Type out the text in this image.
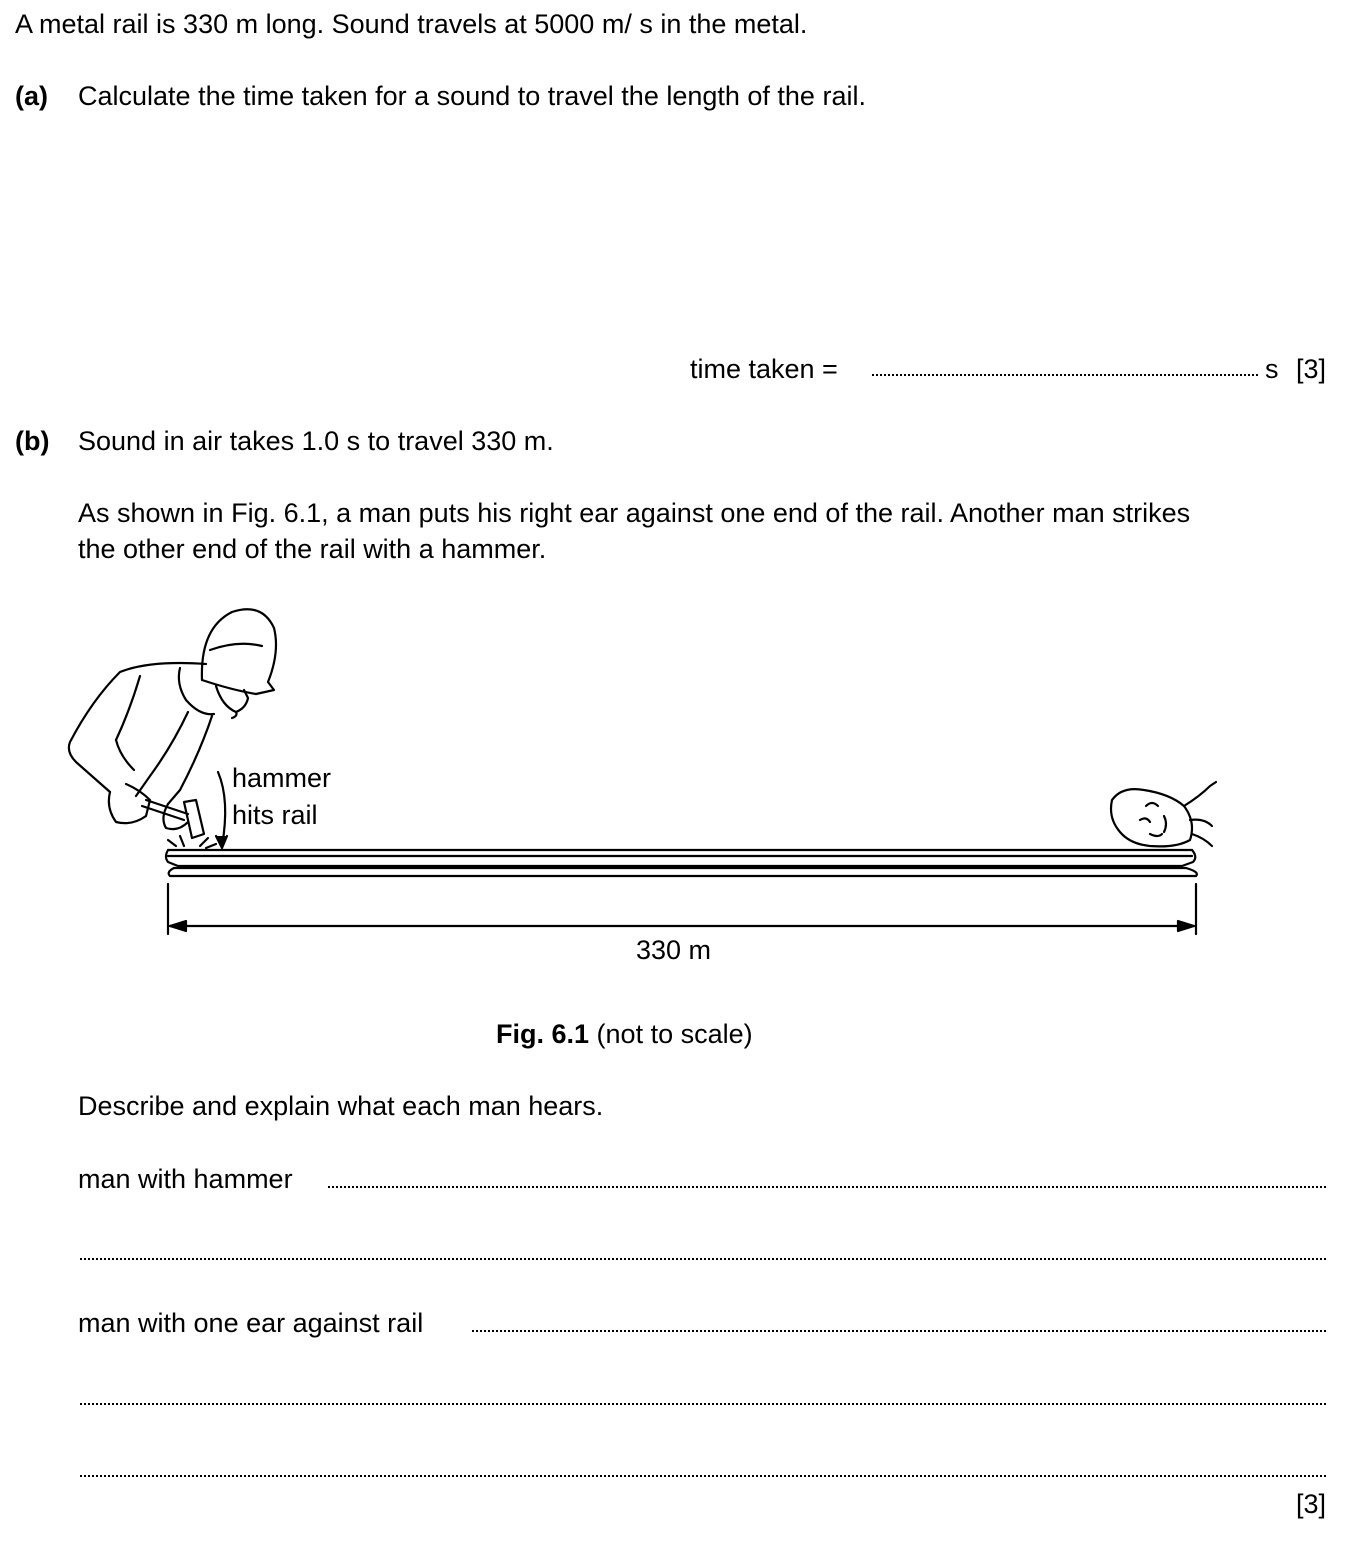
A metal rail is 330 m long. Sound travels at 5000 m/ s in the metal.
(a) Calculate the time taken for a sound to travel the length of the rail.
time taken =	s [3]
(b) Sound in air takes 1.0 s to travel 330 m.
As shown in Fig. 6.1, a man puts his right ear against one end of the rail. Another man strikes
the other end of the rail with a hammer.
hammer
hits rail
330 m
Fig. 6.1 (not to scale)
Describe and explain what each man hears.
man with hammer
man with one ear against rail
[3]
